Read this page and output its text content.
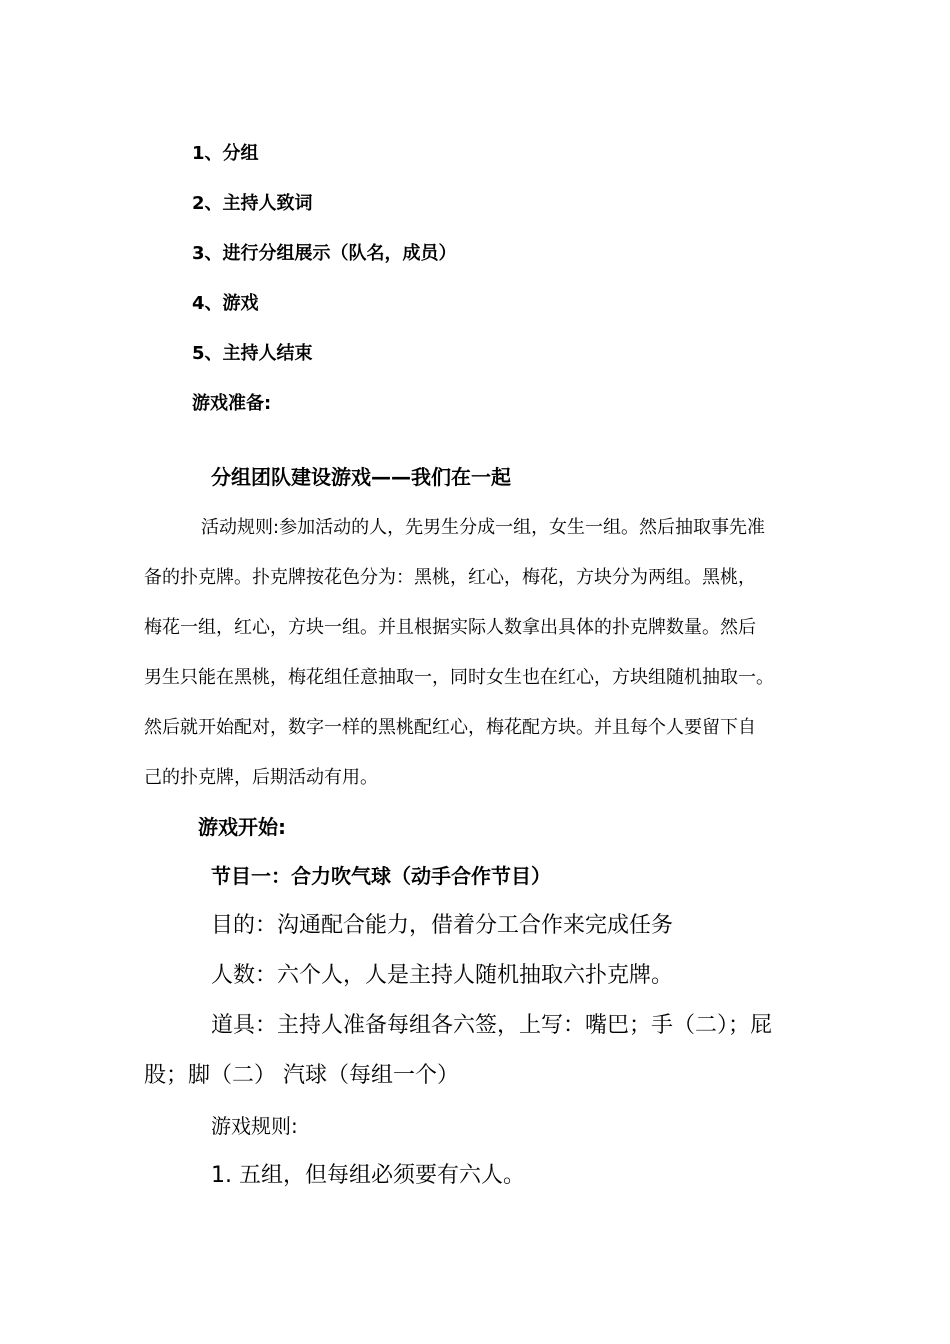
1、分组
2、主持人致词
3、进行分组展示（队名，成员）
4、游戏
5、主持人结束
游戏准备:
分组团队建设游戏——我们在一起
活动规则:参加活动的人，先男生分成一组，女生一组。然后抽取事先准
备的扑克牌。扑克牌按花色分为：黑桃，红心，梅花，方块分为两组。黑桃，
梅花一组，红心，方块一组。并且根据实际人数拿出具体的扑克牌数量。然后
男生只能在黑桃，梅花组任意抽取一，同时女生也在红心，方块组随机抽取一。
然后就开始配对，数字一样的黑桃配红心，梅花配方块。并且每个人要留下自
己的扑克牌，后期活动有用。
游戏开始:
节目一：合力吹气球（动手合作节目）
目的：沟通配合能力，借着分工合作来完成任务
人数：六个人，人是主持人随机抽取六扑克牌。
道具：主持人准备每组各六签，上写：嘴巴；手（二）；屁
股；脚（二） 汽球（每组一个）
游戏规则:
1. 五组，但每组必须要有六人。
